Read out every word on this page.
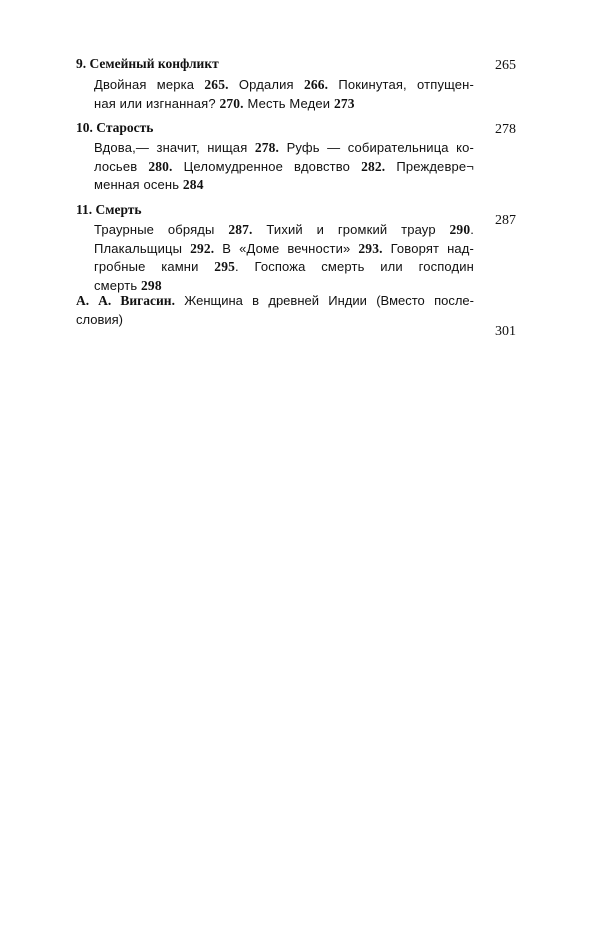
9. Семейный конфликт	265
Двойная мерка 265. Ордалия 266. Покинутая, отпущен-
ная или изгнанная? 270. Месть Медеи 273
10. Старость	278
Вдова,— значит, нищая 278. Руфь — собирательница ко-
лосьев 280. Целомудренное вдовство 282. Преждевре¬
менная осень 284
11. Смерть
287
Траурные обряды 287. Тихий и громкий траур 290.
Плакальщицы 292. В «Доме вечности» 293. Говорят над-
гробные камни 295. Госпожа смерть или господин
смерть 298

А. А. Вигасин. Женщина в древней Индии (Вместо после-
словия)

301
